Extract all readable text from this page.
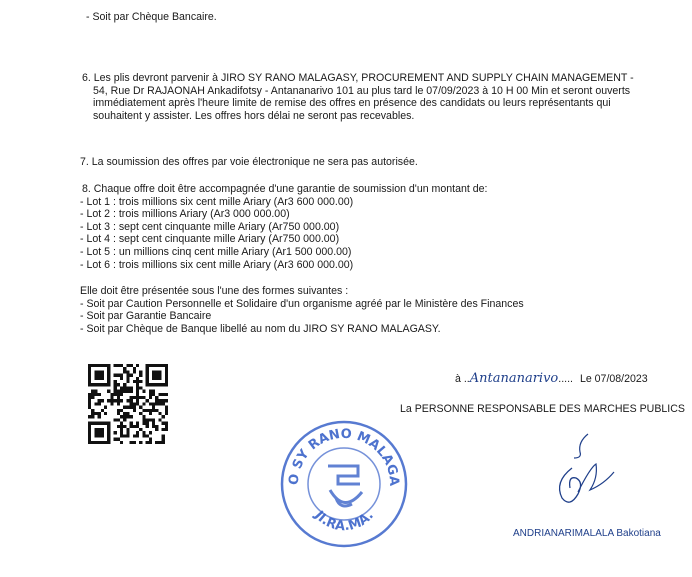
- Soit par Chèque Bancaire.
6. Les plis devront parvenir à JIRO SY RANO MALAGASY, PROCUREMENT AND SUPPLY CHAIN MANAGEMENT -
54, Rue Dr RAJAONAH Ankadifotsy - Antananarivo 101 au plus tard le 07/09/2023 à 10 H 00 Min et seront ouverts
immédiatement après l'heure limite de remise des offres en présence des candidats ou leurs représentants qui
souhaitent y assister. Les offres hors délai ne seront pas recevables.
7. La soumission des offres par voie électronique ne sera pas autorisée.
8. Chaque offre doit être accompagnée d'une garantie de soumission d'un montant de:
- Lot 1 : trois millions six cent mille Ariary (Ar3 600 000.00)
- Lot 2 : trois millions Ariary (Ar3 000 000.00)
- Lot 3 : sept cent cinquante mille Ariary (Ar750 000.00)
- Lot 4 : sept cent cinquante mille Ariary (Ar750 000.00)
- Lot 5 : un millions cinq cent mille Ariary (Ar1 500 000.00)
- Lot 6 : trois millions six cent mille Ariary (Ar3 600 000.00)
Elle doit être présentée sous l'une des formes suivantes :
- Soit par Caution Personnelle et Solidaire d'un organisme agréé par le Ministère des Finances
- Soit par Garantie Bancaire
- Soit par Chèque de Banque libellé au nom du JIRO SY RANO MALAGASY.
à ..Antananarivo..... Le 07/08/2023
La PERSONNE RESPONSABLE DES MARCHES PUBLICS
O SY RANO MALAGA
JI.RA.MA.
ANDRIANARIMALALA Bakotiana
